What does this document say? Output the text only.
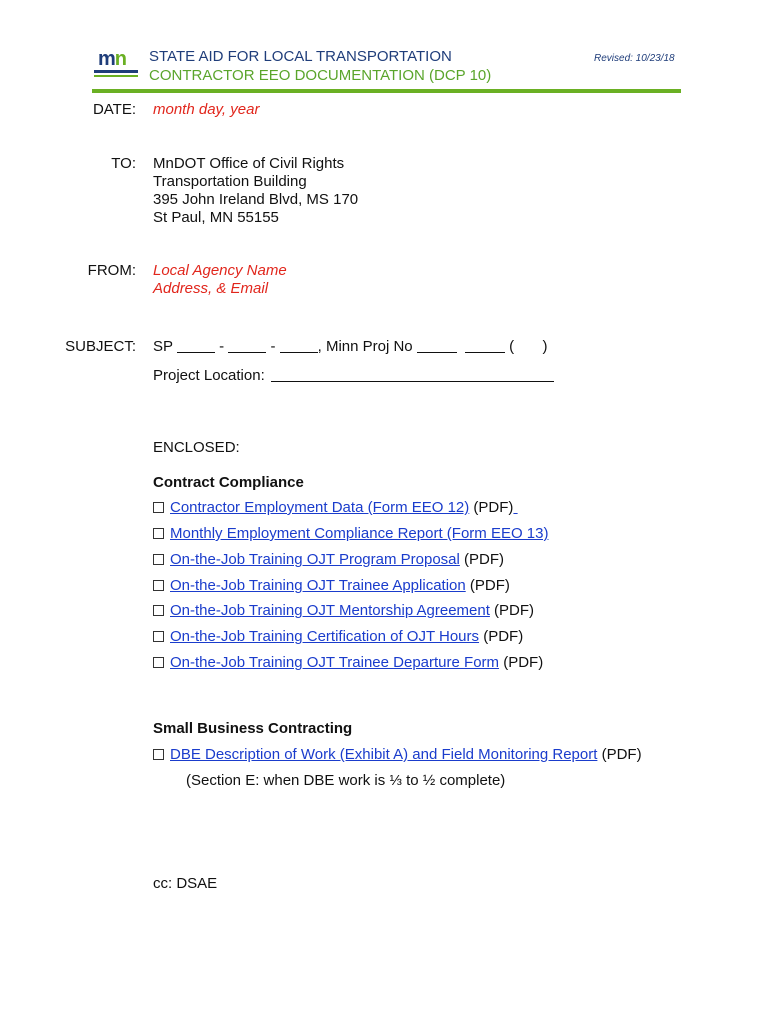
mn STATE AID FOR LOCAL TRANSPORTATION
CONTRACTOR EEO DOCUMENTATION (DCP 10)
Revised: 10/23/18
DATE: month day, year
TO: MnDOT Office of Civil Rights
Transportation Building
395 John Ireland Blvd, MS 170
St Paul, MN 55155
FROM: Local Agency Name
Address, & Email
SUBJECT: SP	-	-	, Minn Proj No	( )
Project Location:
ENCLOSED:
Contract Compliance
Contractor Employment Data (Form EEO 12) (PDF)
Monthly Employment Compliance Report (Form EEO 13)
On-the-Job Training OJT Program Proposal (PDF)
On-the-Job Training OJT Trainee Application (PDF)
On-the-Job Training OJT Mentorship Agreement (PDF)
On-the-Job Training Certification of OJT Hours (PDF)
On-the-Job Training OJT Trainee Departure Form (PDF)
Small Business Contracting
DBE Description of Work (Exhibit A) and Field Monitoring Report (PDF)
(Section E: when DBE work is ⅓ to ½ complete)
cc: DSAE
